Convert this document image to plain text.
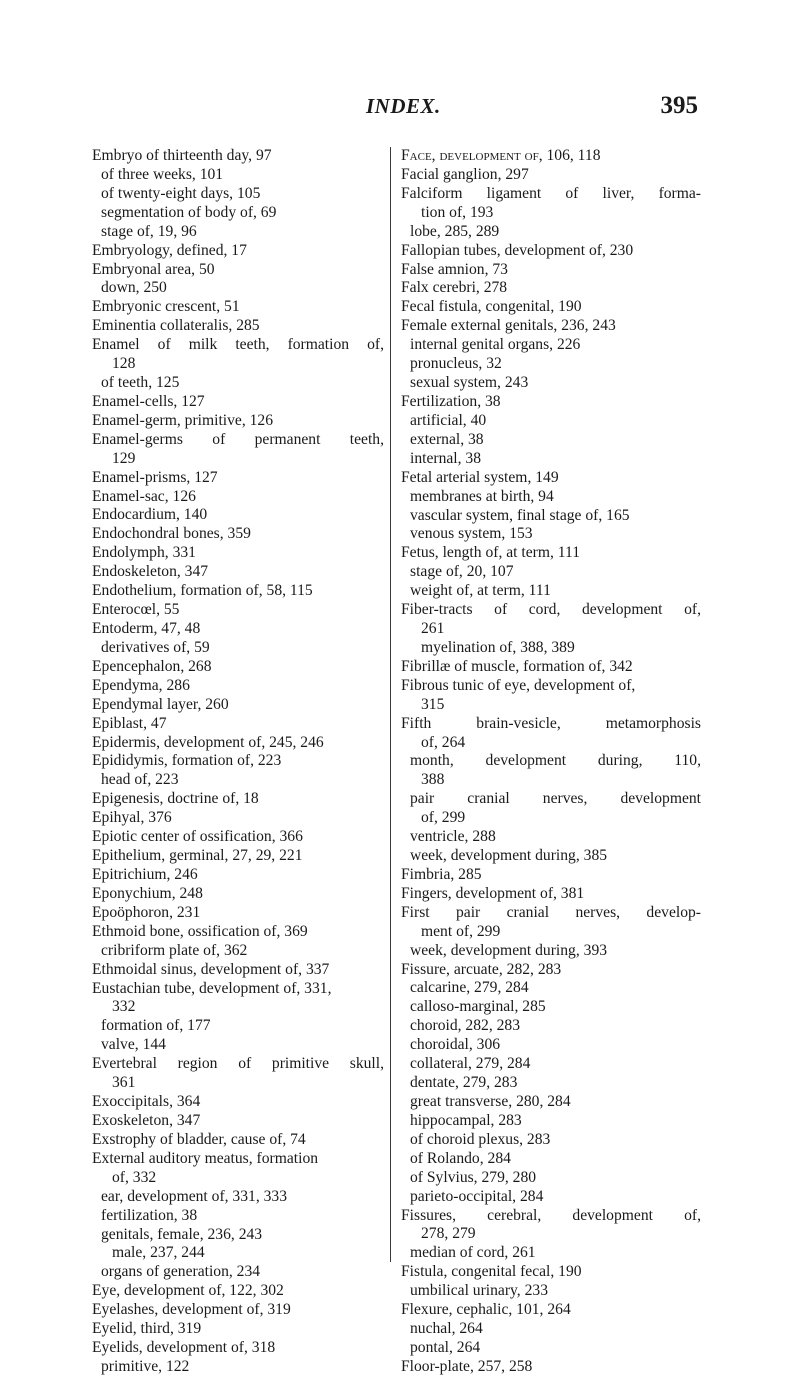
INDEX.	395

Embryo of thirteenth day, 97

of three weeks, 101

of twenty-eight days, 105

segmentation of body of, 69

stage of, 19, 96

Embryology, defined, 17

Embryonal area, 50

down, 250

Embryonic crescent, 51

Eminentia collateralis, 285

Enamel of milk teeth, formation of,

128

of teeth, 125

Enamel-cells, 127

Enamel-germ, primitive, 126

Enamel-germs of permanent teeth,

129

Enamel-prisms, 127

Enamel-sac, 126

Endocardium, 140

Endochondral bones, 359

Endolymph, 331

Endoskeleton, 347

Endothelium, formation of, 58, 115

Enterocœl, 55

Entoderm, 47, 48

derivatives of, 59

Epencephalon, 268

Ependyma, 286

Ependymal layer, 260

Epiblast, 47

Epidermis, development of, 245, 246

Epididymis, formation of, 223

head of, 223

Epigenesis, doctrine of, 18

Epihyal, 376

Epiotic center of ossification, 366

Epithelium, germinal, 27, 29, 221

Epitrichium, 246

Eponychium, 248

Epoöphoron, 231

Ethmoid bone, ossification of, 369

cribriform plate of, 362

Ethmoidal sinus, development of, 337

Eustachian tube, development of, 331,

332

formation of, 177

valve, 144

Evertebral region of primitive skull,

361

Exoccipitals, 364

Exoskeleton, 347

Exstrophy of bladder, cause of, 74

External auditory meatus, formation

of, 332

ear, development of, 331, 333

fertilization, 38

genitals, female, 236, 243

male, 237, 244

organs of generation, 234

Eye, development of, 122, 302

Eyelashes, development of, 319

Eyelid, third, 319

Eyelids, development of, 318

primitive, 122

Face, development of, 106, 118

Facial ganglion, 297

Falciform ligament of liver, forma-

tion of, 193

lobe, 285, 289

Fallopian tubes, development of, 230

False amnion, 73

Falx cerebri, 278

Fecal fistula, congenital, 190

Female external genitals, 236, 243

internal genital organs, 226

pronucleus, 32

sexual system, 243

Fertilization, 38

artificial, 40

external, 38

internal, 38

Fetal arterial system, 149

membranes at birth, 94

vascular system, final stage of, 165

venous system, 153

Fetus, length of, at term, 111

stage of, 20, 107

weight of, at term, 111

Fiber-tracts of cord, development of,

261

myelination of, 388, 389

Fibrillæ of muscle, formation of, 342

Fibrous tunic of eye, development of,

315

Fifth brain-vesicle, metamorphosis

of, 264

month, development during, 110,

388

pair cranial nerves, development

of, 299

ventricle, 288

week, development during, 385

Fimbria, 285

Fingers, development of, 381

First pair cranial nerves, develop-

ment of, 299

week, development during, 393

Fissure, arcuate, 282, 283

calcarine, 279, 284

calloso-marginal, 285

choroid, 282, 283

choroidal, 306

collateral, 279, 284

dentate, 279, 283

great transverse, 280, 284

hippocampal, 283

of choroid plexus, 283

of Rolando, 284

of Sylvius, 279, 280

parieto-occipital, 284

Fissures, cerebral, development of,

278, 279

median of cord, 261

Fistula, congenital fecal, 190

umbilical urinary, 233

Flexure, cephalic, 101, 264

nuchal, 264

pontal, 264

Floor-plate, 257, 258
